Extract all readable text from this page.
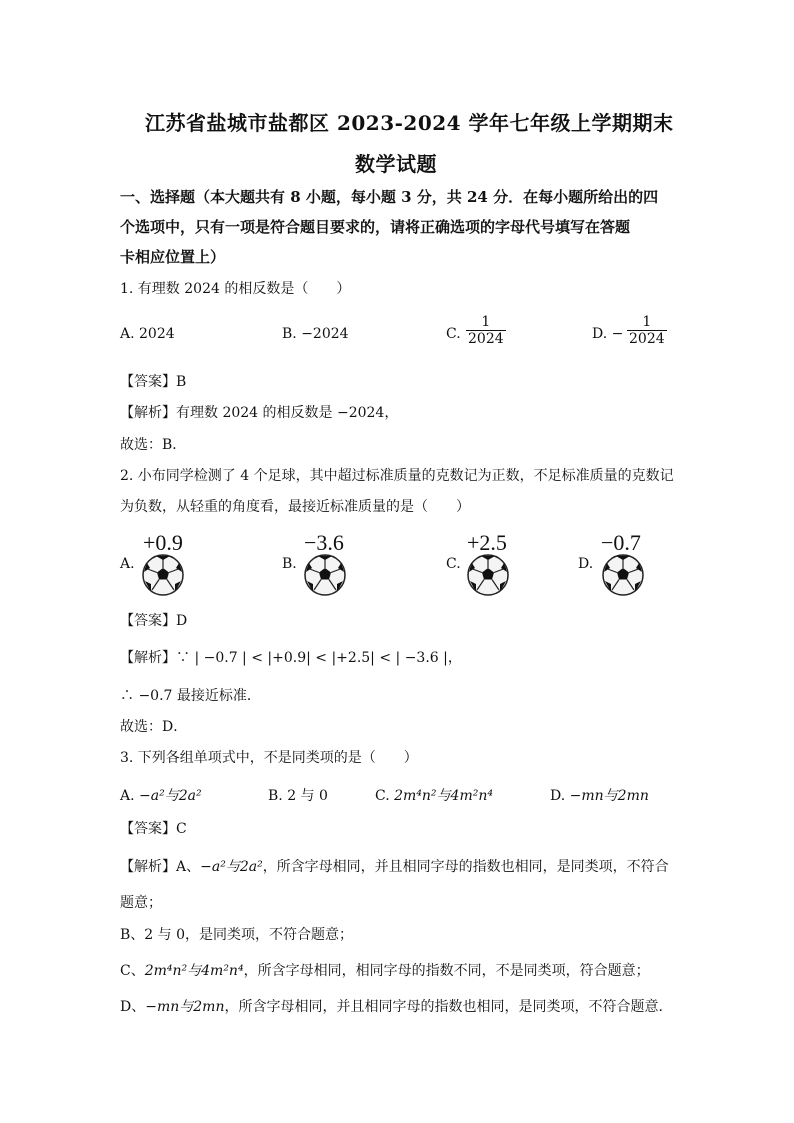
江苏省盐城市盐都区 2023-2024 学年七年级上学期期末
数学试题
一、选择题（本大题共有 8 小题，每小题 3 分，共 24 分．在每小题所给出的四
个选项中，只有一项是符合题目要求的，请将正确选项的字母代号填写在答题
卡相应位置上）
1. 有理数 2024 的相反数是（　　）
A. 2024	B. −2024	C. $\frac{1}{2024}$	D. − $\frac{1}{2024}$
【答案】B
【解析】有理数 2024 的相反数是 −2024，
故选：B．
2. 小布同学检测了 4 个足球，其中超过标准质量的克数记为正数，不足标准质量的克数记
为负数，从轻重的角度看，最接近标准质量的是（　　）
A.
+0.9
B.
−3.6
C.
+2.5
D.
−0.7
【答案】D
【解析】∵ | −0.7 | < |+0.9| < |+2.5| < | −3.6 |，
∴ −0.7 最接近标准．
故选：D．
3. 下列各组单项式中，不是同类项的是（　　）
A. −a²与2a²	B. 2 与 0	C. 2m⁴n²与4m²n⁴	D. −mn与2mn
【答案】C
【解析】A、−a²与2a²，所含字母相同，并且相同字母的指数也相同，是同类项，不符合
题意；
B、2 与 0，是同类项，不符合题意；
C、2m⁴n²与4m²n⁴，所含字母相同，相同字母的指数不同，不是同类项，符合题意；
D、−mn与2mn，所含字母相同，并且相同字母的指数也相同，是同类项，不符合题意．
